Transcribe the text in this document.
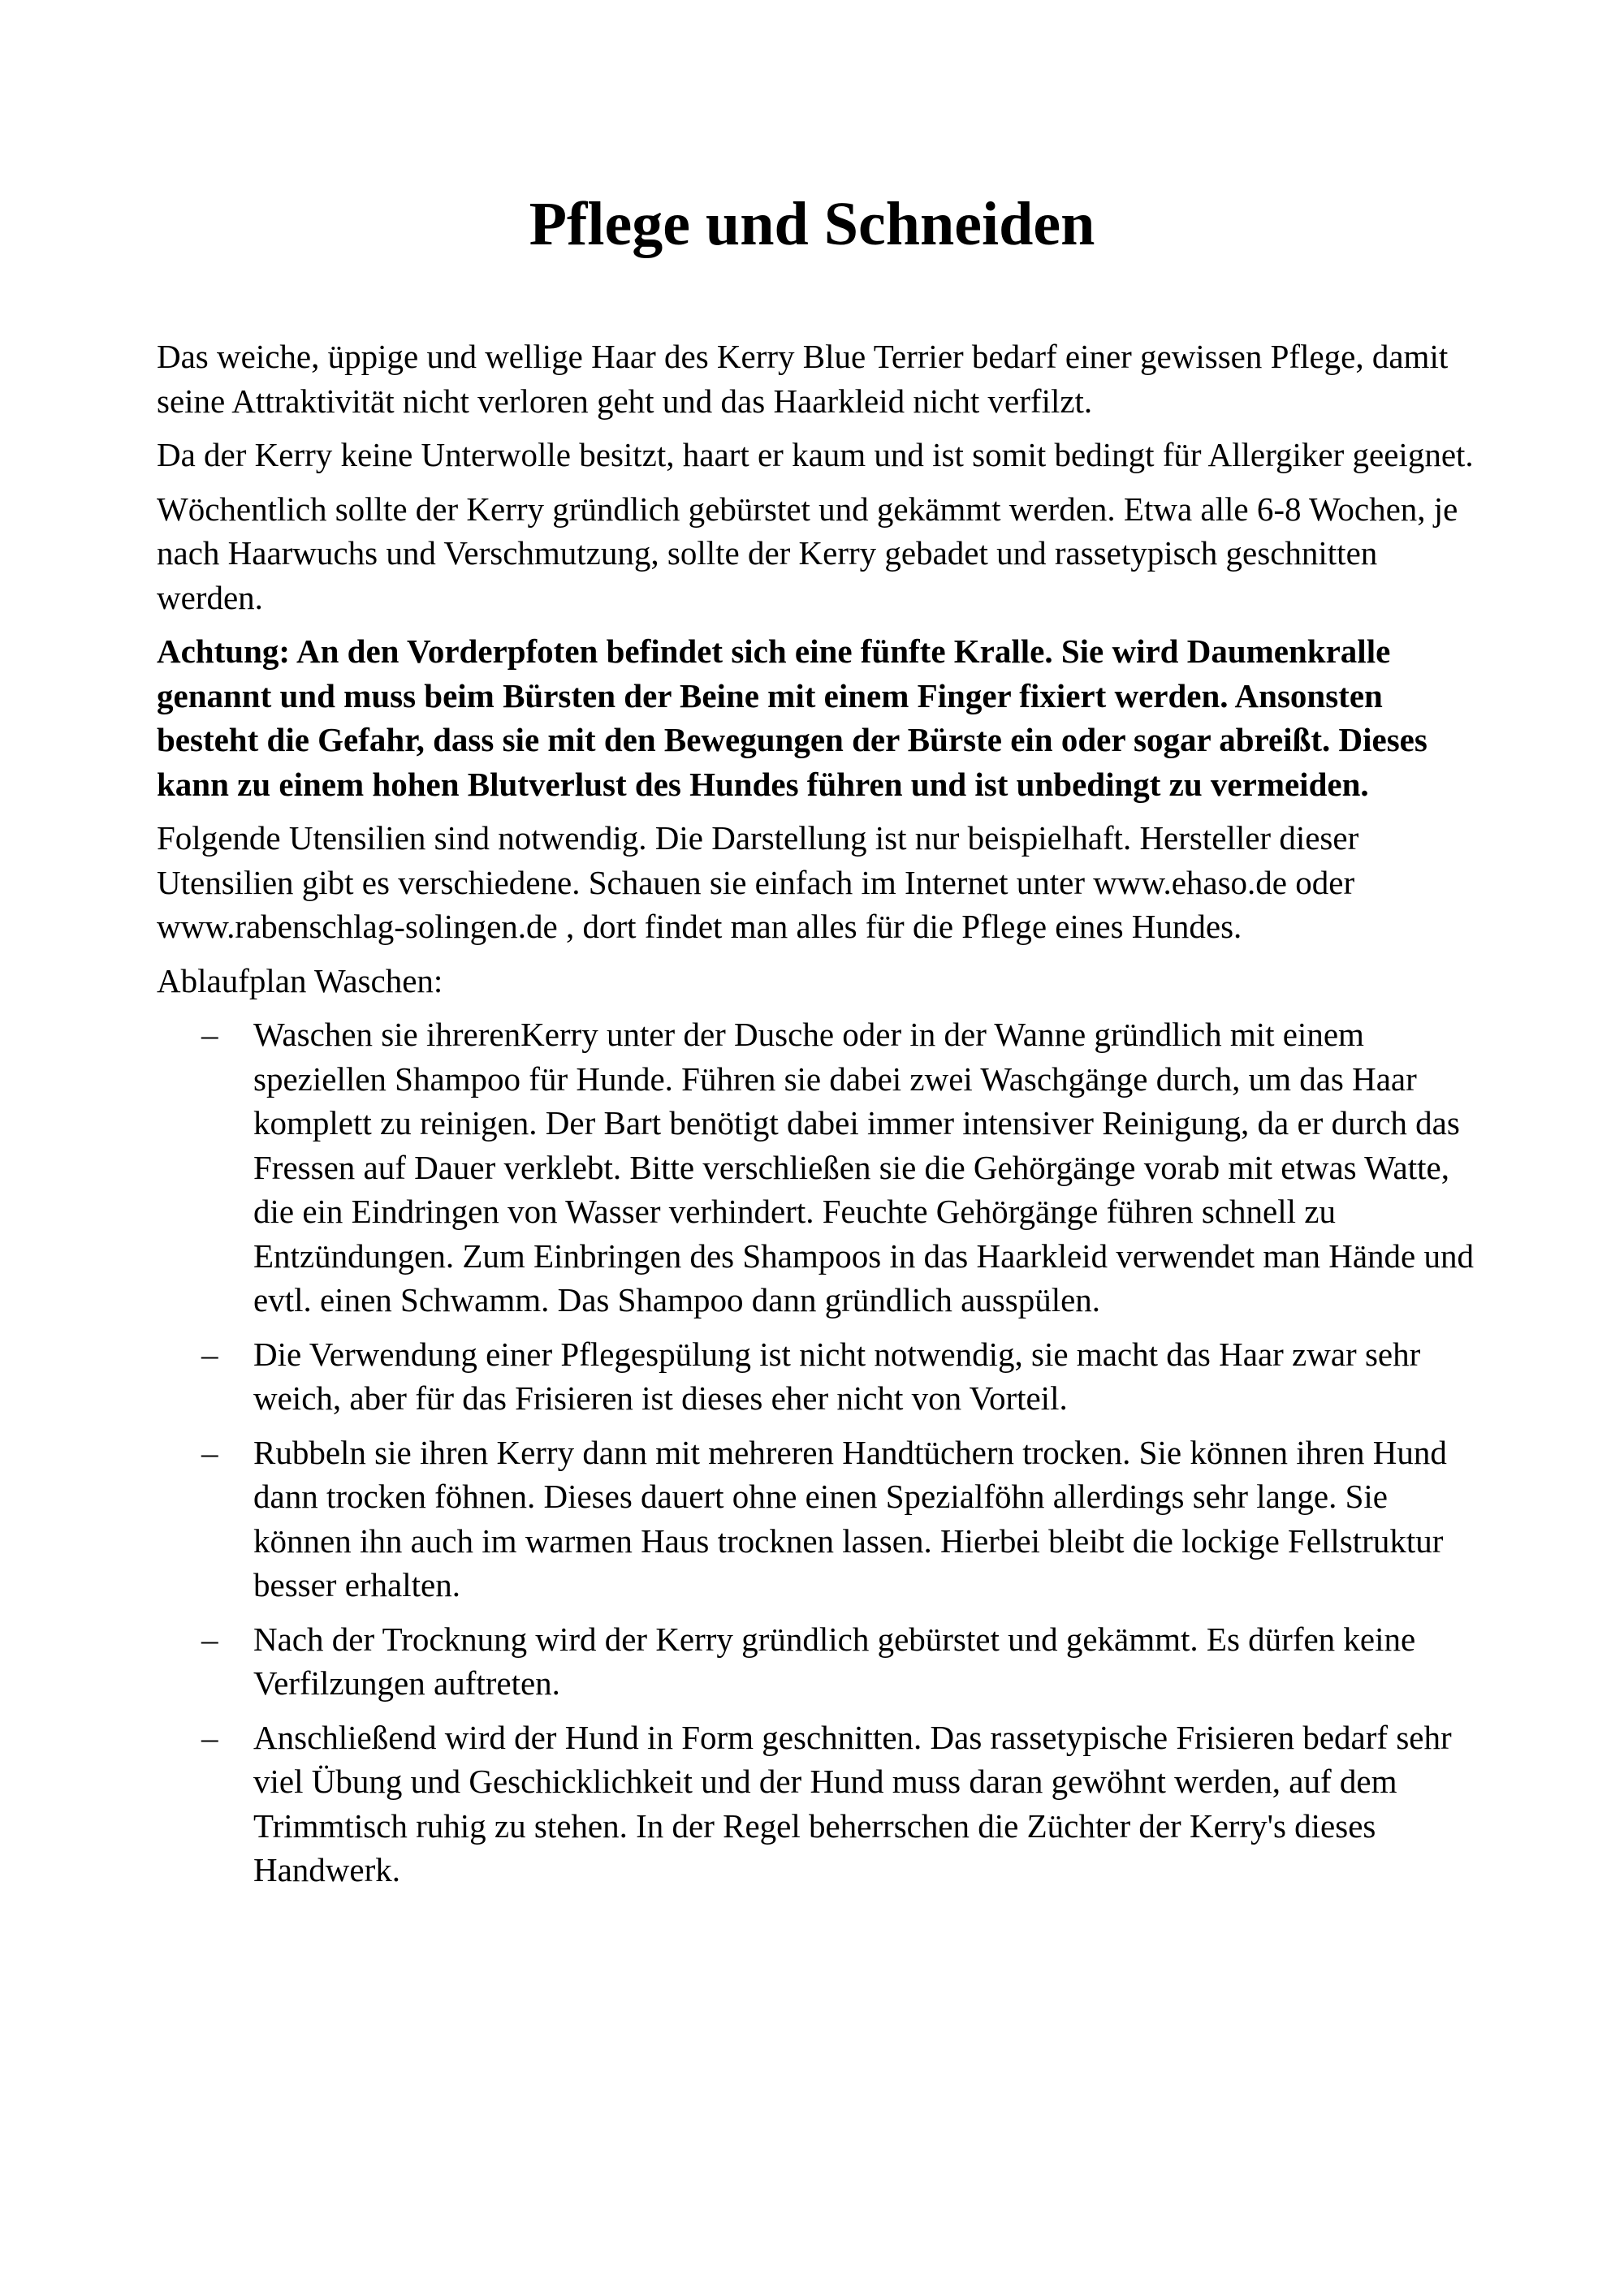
Pflege und Schneiden

Das weiche, üppige und wellige Haar des Kerry Blue Terrier bedarf einer gewissen Pflege, damit seine Attraktivität nicht verloren geht und das Haarkleid nicht verfilzt.

Da der Kerry keine Unterwolle besitzt, haart er kaum und ist somit bedingt für Allergiker geeignet.

Wöchentlich sollte der Kerry gründlich gebürstet und gekämmt werden. Etwa alle 6-8 Wochen, je nach Haarwuchs und Verschmutzung, sollte der Kerry gebadet und rassetypisch geschnitten werden.

Achtung: An den Vorderpfoten befindet sich eine fünfte Kralle. Sie wird Daumenkralle genannt und muss beim Bürsten der Beine mit einem Finger fixiert werden. Ansonsten besteht die Gefahr, dass sie mit den Bewegungen der Bürste ein oder sogar abreißt. Dieses kann zu einem hohen Blutverlust des Hundes führen und ist unbedingt zu vermeiden.

Folgende Utensilien sind notwendig. Die Darstellung ist nur beispielhaft. Hersteller dieser Utensilien gibt es verschiedene. Schauen sie einfach im Internet unter www.ehaso.de oder www.rabenschlag-solingen.de , dort findet man alles für die Pflege eines Hundes.

Ablaufplan Waschen:

– Waschen sie ihrerenKerry unter der Dusche oder in der Wanne gründlich mit einem speziellen Shampoo für Hunde. Führen sie dabei zwei Waschgänge durch, um das Haar komplett zu reinigen. Der Bart benötigt dabei immer intensiver Reinigung, da er durch das Fressen auf Dauer verklebt. Bitte verschließen sie die Gehörgänge vorab mit etwas Watte, die ein Eindringen von Wasser verhindert. Feuchte Gehörgänge führen schnell zu Entzündungen. Zum Einbringen des Shampoos in das Haarkleid verwendet man Hände und evtl. einen Schwamm. Das Shampoo dann gründlich ausspülen.
– Die Verwendung einer Pflegespülung ist nicht notwendig, sie macht das Haar zwar sehr weich, aber für das Frisieren ist dieses eher nicht von Vorteil.
– Rubbeln sie ihren Kerry dann mit mehreren Handtüchern trocken. Sie können ihren Hund dann trocken föhnen. Dieses dauert ohne einen Spezialföhn allerdings sehr lange. Sie können ihn auch im warmen Haus trocknen lassen. Hierbei bleibt die lockige Fellstruktur besser erhalten.
– Nach der Trocknung wird der Kerry gründlich gebürstet und gekämmt. Es dürfen keine Verfilzungen auftreten.
– Anschließend wird der Hund in Form geschnitten. Das rassetypische Frisieren bedarf sehr viel Übung und Geschicklichkeit und der Hund muss daran gewöhnt werden, auf dem Trimmtisch ruhig zu stehen. In der Regel beherrschen die Züchter der Kerry's dieses Handwerk.
